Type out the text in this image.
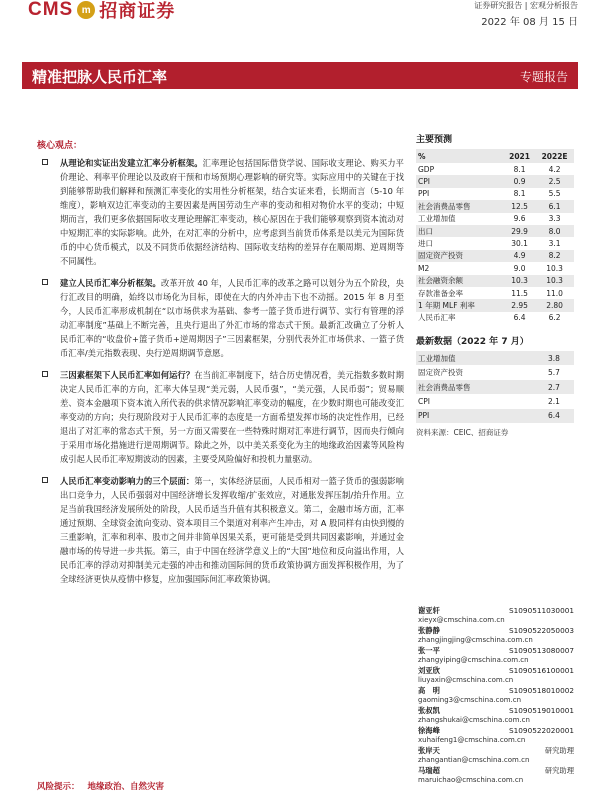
CMS m 招商证券	证券研究报告 | 宏观分析报告
2022 年 08 月 15 日
精准把脉人民币汇率	专题报告
核心观点：
从理论和实证出发建立汇率分析框架。汇率理论包括国际借贷学说、国际收支理论、购买力平价理论、利率平价理论以及政府干预和市场预期心理影响的研究等。实际应用中的关键在于找到能够帮助我们解释和预测汇率变化的实用性分析框架，结合实证来看，长期而言（5-10 年维度），影响双边汇率变动的主要因素是两国劳动生产率的变动和相对物价水平的变动；中短期而言，我们更多依据国际收支理论理解汇率变动，核心原因在于我们能够观察到资本流动对中短期汇率的实际影响。此外，在对汇率的分析中，应考虑到当前货币体系是以美元为国际货币的中心货币模式，以及不同货币依据经济结构、国际收支结构的差异存在顺周期、逆周期等不同属性。
建立人民币汇率分析框架。改革开放 40 年，人民币汇率的改革之路可以划分为五个阶段，央行汇改目的明确，始终以市场化为目标，即使在大的内外冲击下也不动摇。2015 年 8 月至今，人民币汇率形成机制在“以市场供求为基础、参考一篮子货币进行调节、实行有管理的浮动汇率制度”基础上不断完善，且央行退出了外汇市场的常态式干预。最新汇改确立了分析人民币汇率的“收盘价+篮子货币+逆周期因子”三因素框架，分别代表外汇市场供求、一篮子货币汇率/美元指数表现、央行逆周期调节意愿。
三因素框架下人民币汇率如何运行？在当前汇率制度下，结合历史情况看，美元指数多数时期决定人民币汇率的方向，汇率大体呈现“美元弱，人民币强”，“美元强，人民币弱”；贸易顺差、资本金融项下资本流入所代表的供求情况影响汇率变动的幅度，在少数时期也可能改变汇率变动的方向；央行现阶段对于人民币汇率的态度是一方面希望发挥市场的决定性作用，已经退出了对汇率的常态式干预，另一方面又需要在一些特殊时期对汇率进行调节，因而央行倾向于采用市场化措施进行逆周期调节。除此之外，以中美关系变化为主的地缘政治因素等风险构成引起人民币汇率短期波动的因素，主要受风险偏好和投机力量驱动。
人民币汇率变动影响力的三个层面：第一，实体经济层面，人民币相对一篮子货币的强弱影响出口竞争力，人民币强弱对中国经济增长发挥收缩/扩张效应，对通胀发挥压制/抬升作用。立足当前我国经济发展所处的阶段，人民币适当升值有其积极意义。第二，金融市场方面，汇率通过预期、全球资金流向变动、资本项目三个渠道对利率产生冲击，对 A 股同样有由快到慢的三重影响，汇率和利率、股市之间并非简单因果关系，更可能是受到共同因素影响，并通过金融市场的传导进一步共振。第三，由于中国在经济学意义上的“大国”地位和反向溢出作用，人民币汇率的浮动对抑制美元走强的冲击和推动国际间的货币政策协调方面发挥积极作用，为了全球经济更快从疫情中修复，应加强国际间汇率政策协调。
风险提示： 地缘政治、自然灾害
主要预测
%	2021	2022E
GDP	8.1	4.2
CPI	0.9	2.5
PPI	8.1	5.5
社会消费品零售	12.5	6.1
工业增加值	9.6	3.3
出口	29.9	8.0
进口	30.1	3.1
固定资产投资	4.9	8.2
M2	9.0	10.3
社会融资余额	10.3	10.3
存款准备金率	11.5	11.0
1 年期 MLF 利率	2.95	2.80
人民币汇率	6.4	6.2
最新数据（2022 年 7 月）
工业增加值	3.8
固定资产投资	5.7
社会消费品零售	2.7
CPI	2.1
PPI	6.4
资料来源：CEIC、招商证券
谢亚轩	S1090511030001
xieyx@cmschina.com.cn
张静静	S1090522050003
zhangjingjing@cmschina.com.cn
张一平	S1090513080007
zhangyiping@cmschina.com.cn
刘亚欣	S1090516100001
liuyaxin@cmschina.com.cn
高　明	S1090518010002
gaoming3@cmschina.com.cn
张叔凯	S1090519010001
zhangshukai@cmschina.com.cn
徐海峰	S1090522020001
xuhaifeng1@cmschina.com.cn
张岸天	研究助理
zhangantian@cmschina.com.cn
马瑞超	研究助理
maruichao@cmschina.com.cn
